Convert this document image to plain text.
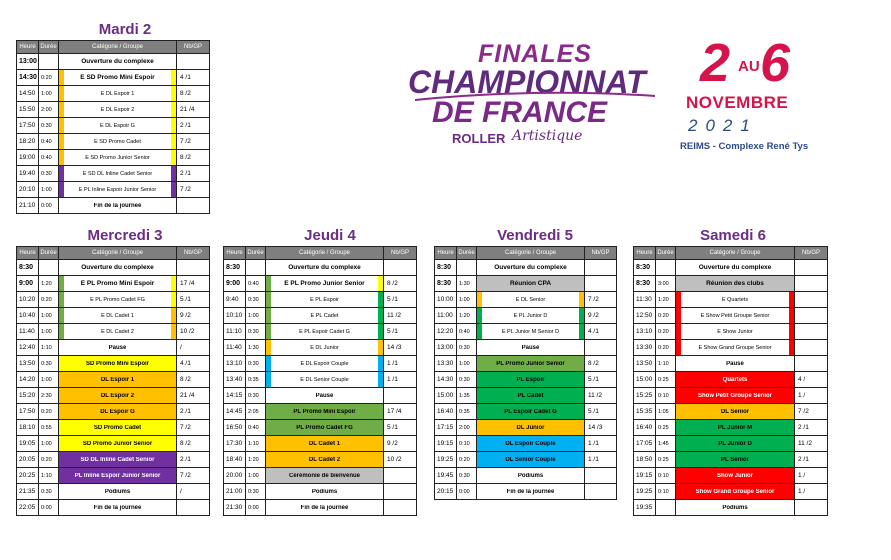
Mardi 2
Mercredi 3	Jeudi 4	Vendredi 5	Samedi 6
Heure	Durée	Catégorie / Groupe	Nb/GP
13:00		Ouverture du complexe	

14:30	0:20	E SD Promo Mini Espoir	4 /1
14:50	1:00	E DL Espoir 1	8 /2
15:50	2:00	E DL Espoir 2	21 /4
17:50	0:30	E DL Espoir G	2 /1
18:20	0:40	E SD Promo Cadet	7 /2
19:00	0:40	E SD Promo Junior Senior	8 /2
19:40	0:30	E SD DL Inline Cadet Senior	2 /1
20:10	1:00	E PL Inline Espoir Junior Senior	7 /2
21:10	0:00	Fin de la journée	

Heure	Durée	Catégorie / Groupe	Nb/GP
8:30		Ouverture du complexe	

9:00	1:20	E PL Promo Mini Espoir	17 /4
10:20	0:20	E PL Promo Cadet FG	5 /1
10:40	1:00	E DL Cadet 1	9 /2
11:40	1:00	E DL Cadet 2	10 /2
12:40	1:10	Pause	/
13:50	0:30	SD Promo Mini Espoir	4 /1
14:20	1:00	DL Espoir 1	8 /2
15:20	2:30	DL Espoir 2	21 /4
17:50	0:20	DL Espoir G	2 /1
18:10	0:55	SD Promo Cadet	7 /2
19:05	1:00	SD Promo Junior Senior	8 /2
20:05	0:20	SD DL Inline Cadet Senior	2 /1
20:25	1:10	PL Inline Espoir Junior Senior	7 /2
21:35	0:30	Podiums	/
22:05	0:00	Fin de la journée	

Heure	Durée	Catégorie / Groupe	Nb/GP
8:30		Ouverture du complexe	

9:00	0:40	E PL Promo Junior Senior	8 /2
9:40	0:30	E PL Espoir	5 /1
10:10	1:00	E PL Cadet	11 /2
11:10	0:30	E PL Espoir Cadet G	5 /1
11:40	1:30	E DL Junior	14 /3
13:10	0:30	E DL Espoir Couple	1 /1
13:40	0:35	E DL Senior Couple	1 /1
14:15	0:30	Pause	

14:45	2:05	PL Promo Mini Espoir	17 /4
16:50	0:40	PL Promo Cadet FG	5 /1
17:30	1:10	DL Cadet 1	9 /2
18:40	1:20	DL Cadet 2	10 /2
20:00	1:00	Cérémonie de bienvenue	

21:00	0:30	Podiums	

21:30	0:00	Fin de la journée	

Heure	Durée	Catégorie / Groupe	Nb/GP
8:30		Ouverture du complexe	

8:30	1:30	Réunion CPA	

10:00	1:00	E DL Senior	7 /2
11:00	1:20	E PL Junior D	9 /2
12:20	0:40	E PL Junior M Senior D	4 /1
13:00	0:30	Pause	

13:30	1:00	PL Promo Junior Senior	8 /2
14:30	0:30	PL Espoir	5 /1
15:00	1:35	PL Cadet	11 /2
16:40	0:35	PL Espoir Cadet G	5 /1
17:15	2:00	DL Junior	14 /3
19:15	0:10	DL Espoir Couple	1 /1
19:25	0:20	DL Senior Couple	1 /1
19:45	0:30	Podiums	

20:15	0:00	Fin de la journée	

Heure	Durée	Catégorie / Groupe	Nb/GP
8:30		Ouverture du complexe	

8:30	3:00	Réunion des clubs	

11:30	1:20	E Quartets	

12:50	0:20	E Show Petit Groupe Senior	

13:10	0:20	E Show Junior	

13:30	0:20	E Show Grand Groupe Senior	

13:50	1:10	Pause	

15:00	0:25	Quartets	4 /
15:25	0:10	Show Petit Groupe Senior	1 /
15:35	1:05	DL Senior	7 /2
16:40	0:25	PL Junior M	2 /1
17:05	1:45	PL Junior D	11 /2
18:50	0:25	PL Senior	2 /1
19:15	0:10	Show Junior	1 /
19:25	0:10	Show Grand Groupe Senior	1 /
19:35		Podiums	

FINALES
CHAMPIONNAT
DE FRANCE
ROLLER Artistique
2 AU 6
NOVEMBRE
2021
REIMS - Complexe René Tys
